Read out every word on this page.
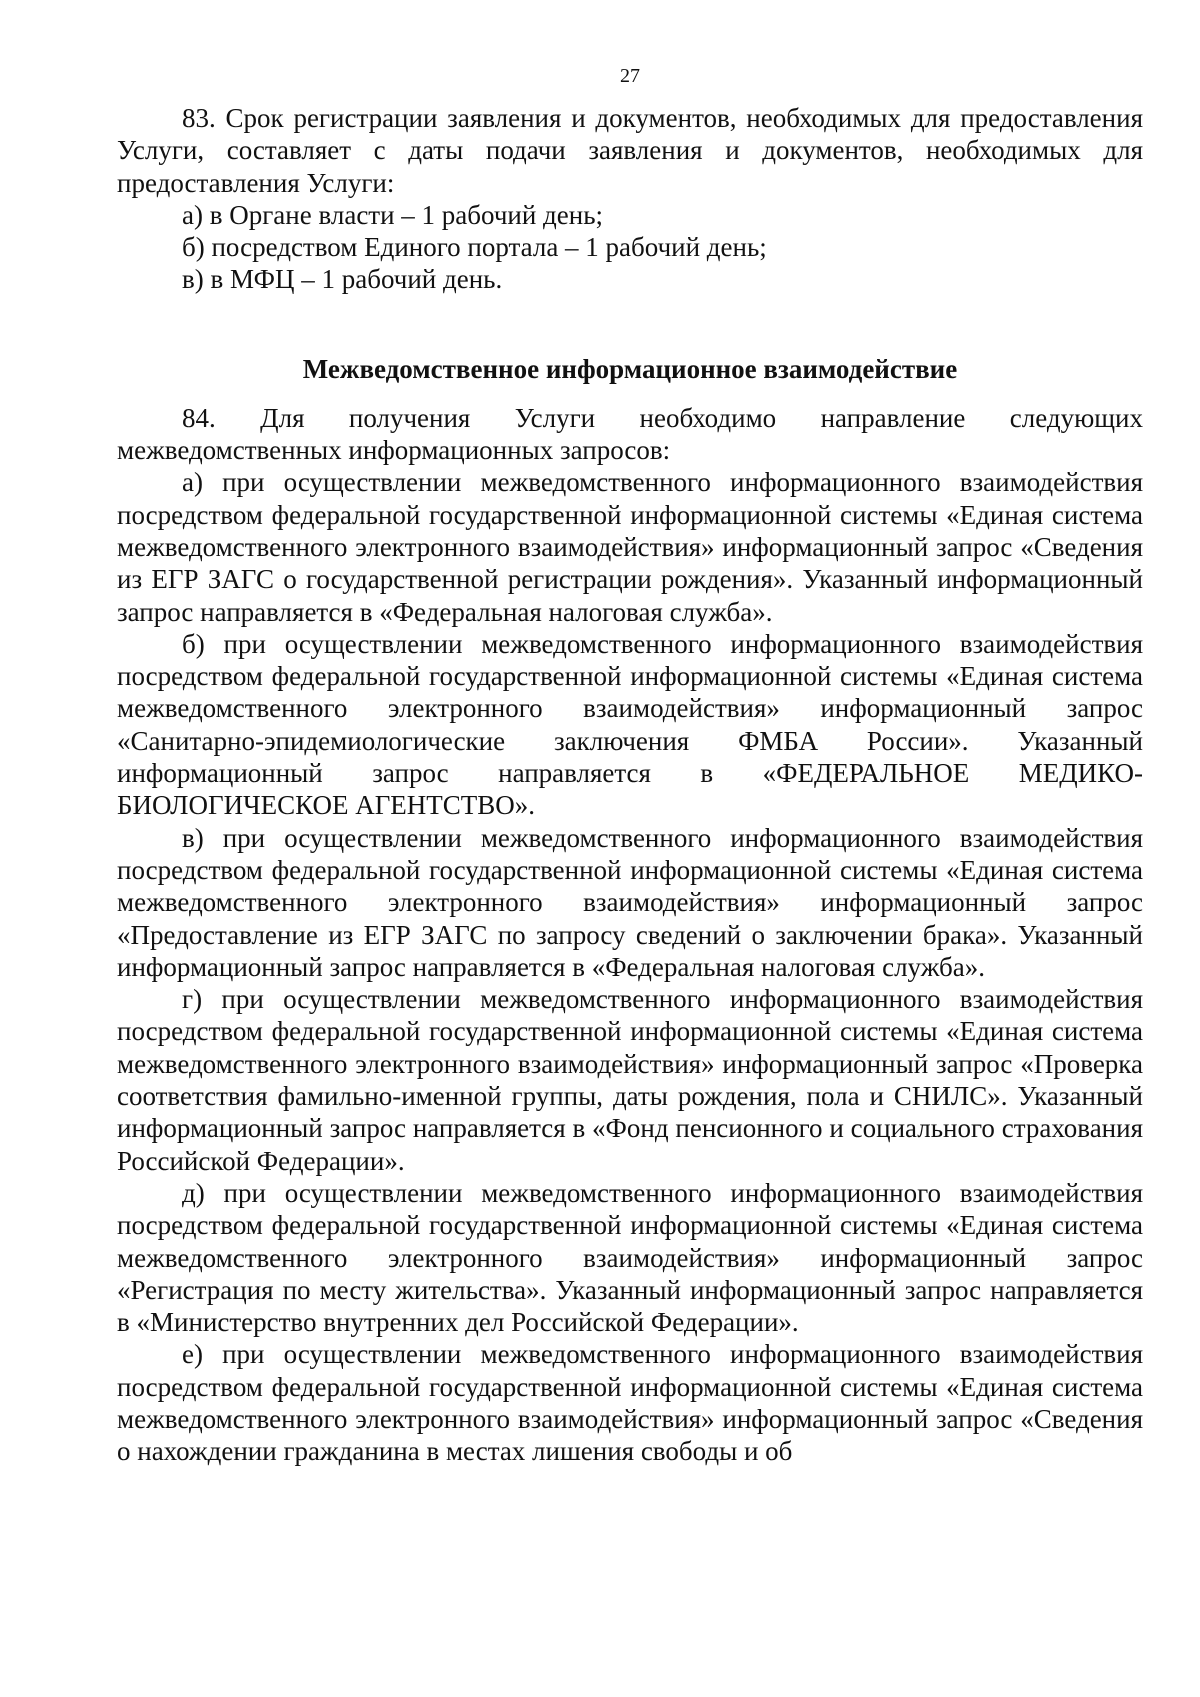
27

83. Срок регистрации заявления и документов, необходимых для предоставления Услуги, составляет с даты подачи заявления и документов, необходимых для предоставления Услуги:

а) в Органе власти – 1 рабочий день;

б) посредством Единого портала – 1 рабочий день;

в) в МФЦ – 1 рабочий день.

Межведомственное информационное взаимодействие

84. Для получения Услуги необходимо направление следующих межведомственных информационных запросов:

а) при осуществлении межведомственного информационного взаимодействия посредством федеральной государственной информационной системы «Единая система межведомственного электронного взаимодействия» информационный запрос «Сведения из ЕГР ЗАГС о государственной регистрации рождения». Указанный информационный запрос направляется в «Федеральная налоговая служба».

б) при осуществлении межведомственного информационного взаимодействия посредством федеральной государственной информационной системы «Единая система межведомственного электронного взаимодействия» информационный запрос «Санитарно-эпидемиологические заключения ФМБА России». Указанный информационный запрос направляется в «ФЕДЕРАЛЬНОЕ МЕДИКО-БИОЛОГИЧЕСКОЕ АГЕНТСТВО».

в) при осуществлении межведомственного информационного взаимодействия посредством федеральной государственной информационной системы «Единая система межведомственного электронного взаимодействия» информационный запрос «Предоставление из ЕГР ЗАГС по запросу сведений о заключении брака». Указанный информационный запрос направляется в «Федеральная налоговая служба».

г) при осуществлении межведомственного информационного взаимодействия посредством федеральной государственной информационной системы «Единая система межведомственного электронного взаимодействия» информационный запрос «Проверка соответствия фамильно-именной группы, даты рождения, пола и СНИЛС». Указанный информационный запрос направляется в «Фонд пенсионного и социального страхования Российской Федерации».

д) при осуществлении межведомственного информационного взаимодействия посредством федеральной государственной информационной системы «Единая система межведомственного электронного взаимодействия» информационный запрос «Регистрация по месту жительства». Указанный информационный запрос направляется в «Министерство внутренних дел Российской Федерации».

е) при осуществлении межведомственного информационного взаимодействия посредством федеральной государственной информационной системы «Единая система межведомственного электронного взаимодействия» информационный запрос «Сведения о нахождении гражданина в местах лишения свободы и об
